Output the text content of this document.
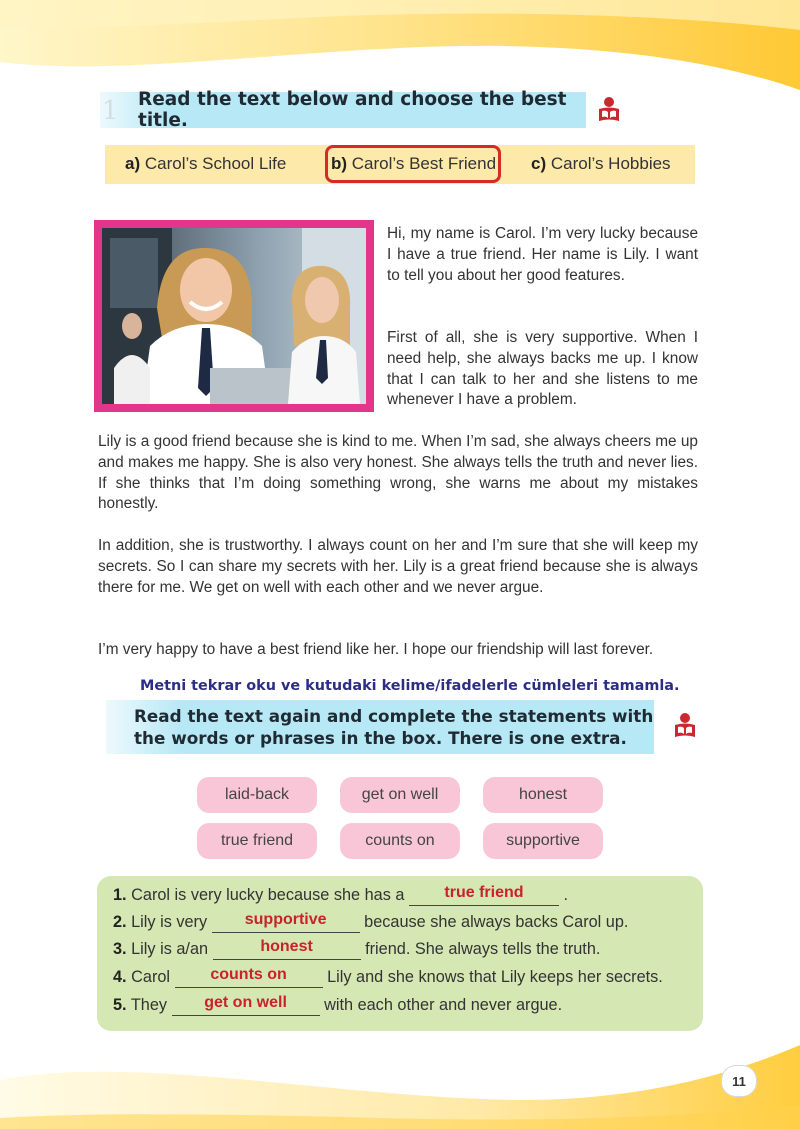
1 Read the text below and choose the best title.
a) Carol’s School Life	b) Carol’s Best Friend c) Carol’s Hobbies

Hi, my name is Carol. I’m very lucky because I have a true friend. Her name is Lily. I want to tell you about her good features.

First of all, she is very supportive. When I need help, she always backs me up. I know that I can talk to her and she listens to me whenever I have a problem.

Lily is a good friend because she is kind to me. When I’m sad, she always cheers me up and makes me happy. She is also very honest. She always tells the truth and never lies. If she thinks that I’m doing something wrong, she warns me about my mistakes honestly.

In addition, she is trustworthy. I always count on her and I’m sure that she will keep my secrets. So I can share my secrets with her. Lily is a great friend because she is always there for me. We get on well with each other and we never argue.

I’m very happy to have a best friend like her. I hope our friendship will last forever.

Metni tekrar oku ve kutudaki kelime/ifadelerle cümleleri tamamla.
Read the text again and complete the statements with
the words or phrases in the box. There is one extra.
laid-back	get on well	honest
true friend	counts on	supportive
1. Carol is very lucky because she has a true friend .
2. Lily is very supportive because she always backs Carol up.
3. Lily is a/an	honest	friend. She always tells the truth.
4. Carol counts on Lily and she knows that Lily keeps her secrets.
5. They get on well with each other and never argue.
11
